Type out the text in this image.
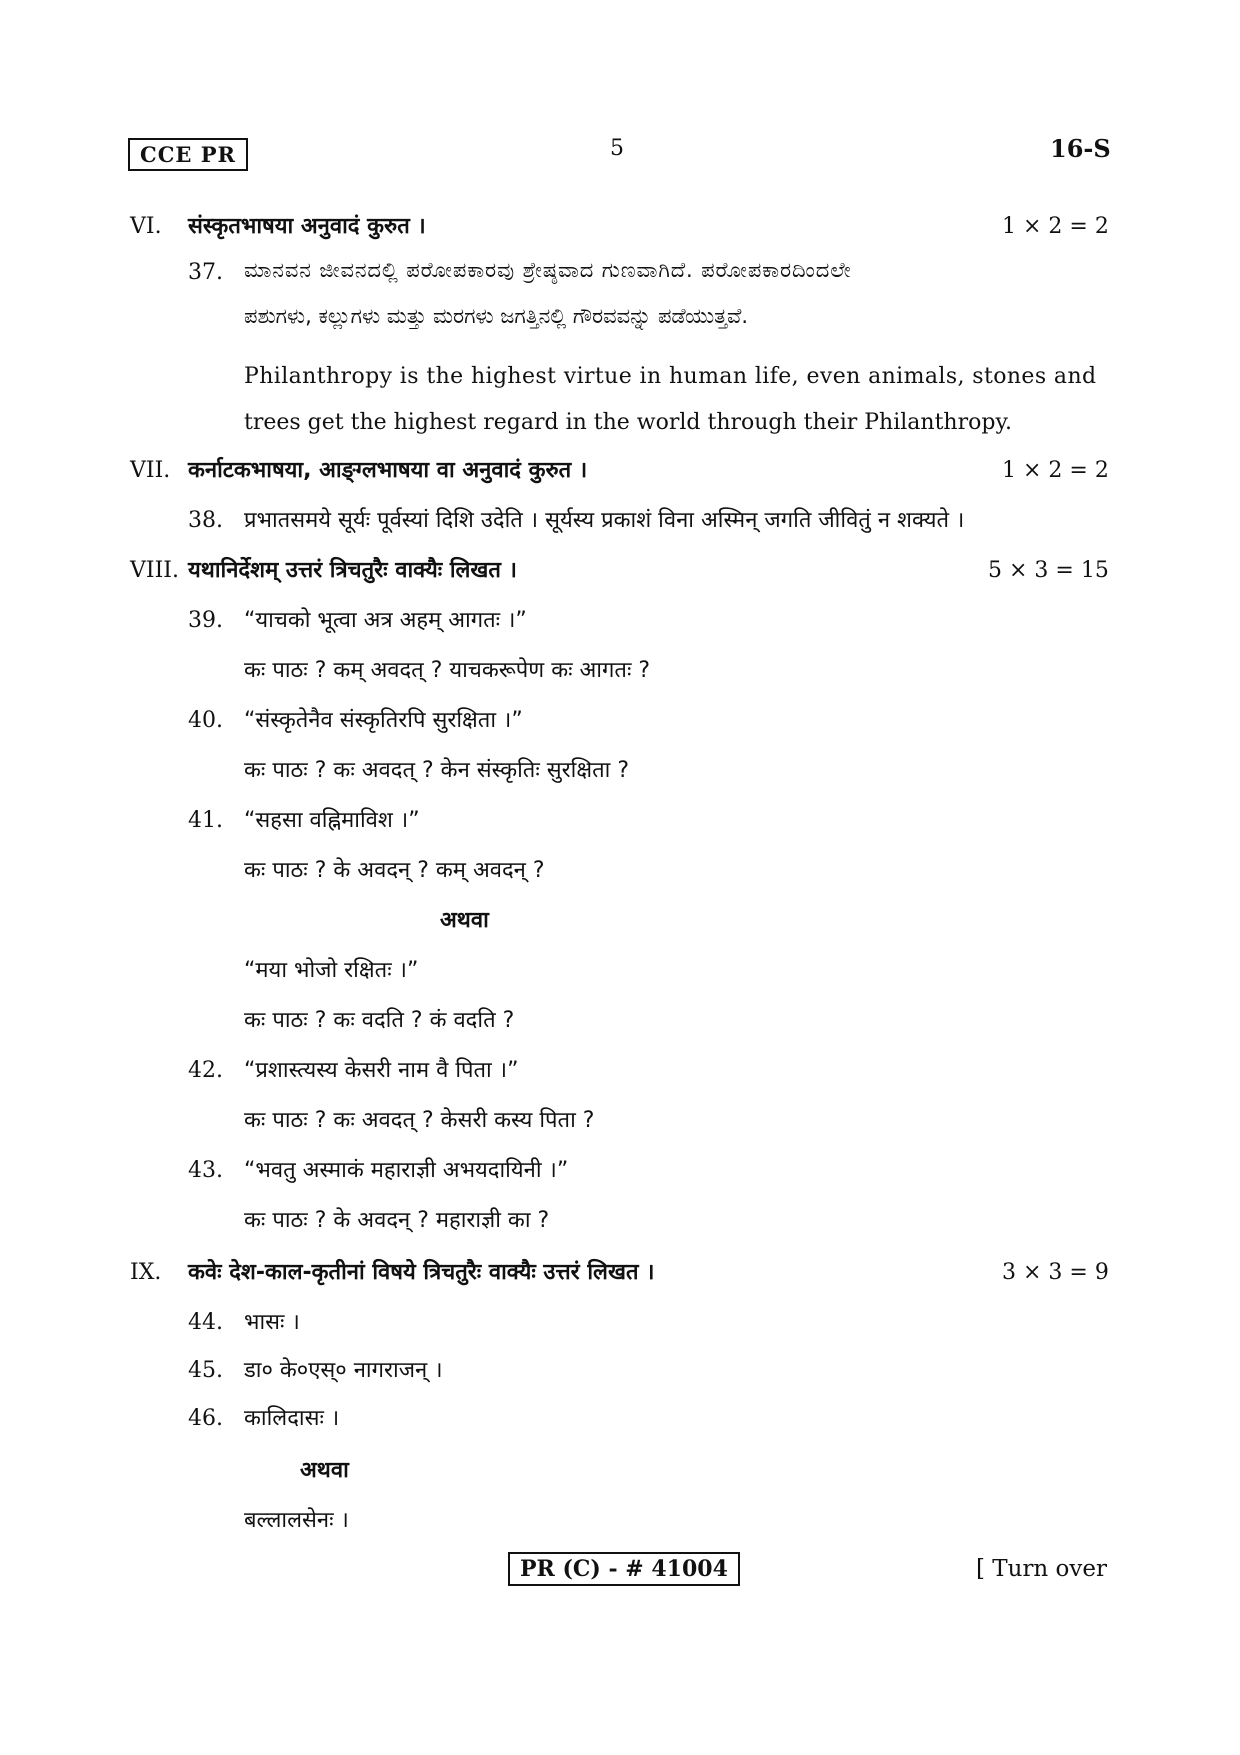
CCE PR	5	16-S
VI. संस्कृतभाषया अनुवादं कुरुत ।	1 × 2 = 2
37. ಮಾನವನ ಜೀವನದಲ್ಲಿ ಪರೋಪಕಾರವು ಶ್ರೇಷ್ಠವಾದ ಗುಣವಾಗಿದೆ. ಪರೋಪಕಾರದಿಂದಲೇ
ಪಶುಗಳು, ಕಲ್ಲುಗಳು ಮತ್ತು ಮರಗಳು ಜಗತ್ತಿನಲ್ಲಿ ಗೌರವವನ್ನು ಪಡೆಯುತ್ತವೆ.
Philanthropy is the highest virtue in human life, even animals, stones and
trees get the highest regard in the world through their Philanthropy.
VII. कर्नाटकभाषया, आङ्ग्लभाषया वा अनुवादं कुरुत ।	1 × 2 = 2
38. प्रभातसमये सूर्यः पूर्वस्यां दिशि उदेति । सूर्यस्य प्रकाशं विना अस्मिन् जगति जीवितुं न शक्यते ।
VIII. यथानिर्देशम् उत्तरं त्रिचतुरैः वाक्यैः लिखत ।	5 × 3 = 15
39. “याचको भूत्वा अत्र अहम् आगतः ।”
कः पाठः ? कम् अवदत् ? याचकरूपेण कः आगतः ?
40. “संस्कृतेनैव संस्कृतिरपि सुरक्षिता ।”
कः पाठः ? कः अवदत् ? केन संस्कृतिः सुरक्षिता ?
41. “सहसा वह्निमाविश ।”
कः पाठः ? के अवदन् ? कम् अवदन् ?
अथवा
“मया भोजो रक्षितः ।”
कः पाठः ? कः वदति ? कं वदति ?
42. “प्रशास्त्यस्य केसरी नाम वै पिता ।”
कः पाठः ? कः अवदत् ? केसरी कस्य पिता ?
43. “भवतु अस्माकं महाराज्ञी अभयदायिनी ।”
कः पाठः ? के अवदन् ? महाराज्ञी का ?
IX. कवेः देश-काल-कृतीनां विषये त्रिचतुरैः वाक्यैः उत्तरं लिखत ।	3 × 3 = 9
44. भासः ।
45. डा० के०एस्० नागराजन् ।
46. कालिदासः ।
अथवा
बल्लालसेनः ।
PR (C) - # 41004	[ Turn over
